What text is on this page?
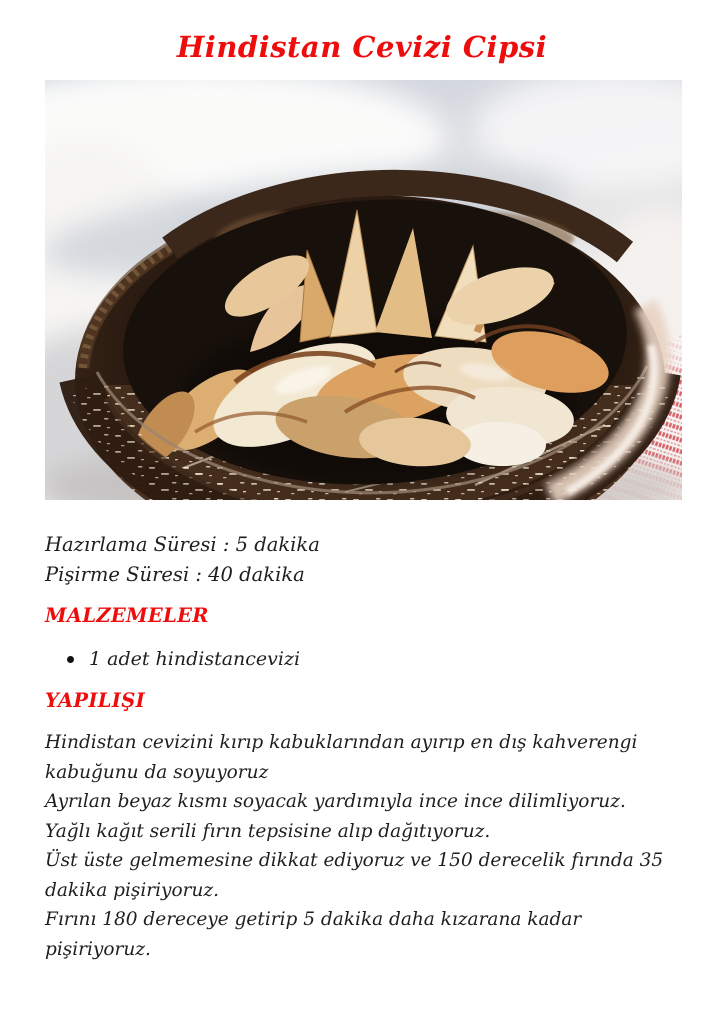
Hindistan Cevizi Cipsi

Hazırlama Süresi : 5 dakika

Pişirme Süresi : 40 dakika

MALZEMELER
1 adet hindistancevizi
YAPILIŞI

Hindistan cevizini kırıp kabuklarından ayırıp en dış kahverengi kabuğunu da soyuyoruz

Ayrılan beyaz kısmı soyacak yardımıyla ince ince dilimliyoruz.

Yağlı kağıt serili fırın tepsisine alıp dağıtıyoruz.

Üst üste gelmemesine dikkat ediyoruz ve 150 derecelik fırında 35 dakika pişiriyoruz.

Fırını 180 dereceye getirip 5 dakika daha kızarana kadar pişiriyoruz.
